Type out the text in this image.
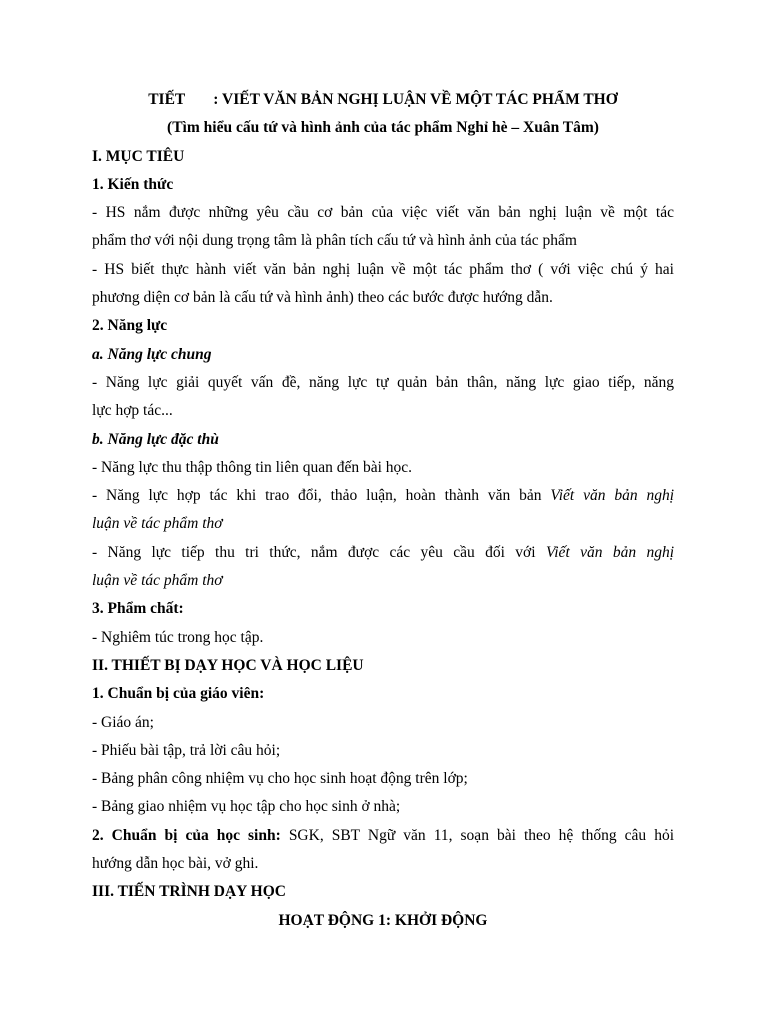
TIẾT : VIẾT VĂN BẢN NGHỊ LUẬN VỀ MỘT TÁC PHẨM THƠ
(Tìm hiểu cấu tứ và hình ảnh của tác phẩm Nghỉ hè – Xuân Tâm)
I. MỤC TIÊU
1. Kiến thức
- HS nắm được những yêu cầu cơ bản của việc viết văn bản nghị luận về một tác
phẩm thơ với nội dung trọng tâm là phân tích cấu tứ và hình ảnh của tác phẩm
- HS biết thực hành viết văn bản nghị luận về một tác phẩm thơ ( với việc chú ý hai
phương diện cơ bản là cấu tứ và hình ảnh) theo các bước được hướng dẫn.
2. Năng lực
a. Năng lực chung
- Năng lực giải quyết vấn đề, năng lực tự quản bản thân, năng lực giao tiếp, năng
lực hợp tác...
b. Năng lực đặc thù
- Năng lực thu thập thông tin liên quan đến bài học.
- Năng lực hợp tác khi trao đổi, thảo luận, hoàn thành văn bản Viết văn bản nghị
luận về tác phẩm thơ
- Năng lực tiếp thu tri thức, nắm được các yêu cầu đối với Viết văn bản nghị
luận về tác phẩm thơ
3. Phẩm chất:
- Nghiêm túc trong học tập.
II. THIẾT BỊ DẠY HỌC VÀ HỌC LIỆU
1. Chuẩn bị của giáo viên:
- Giáo án;
- Phiếu bài tập, trả lời câu hỏi;
- Bảng phân công nhiệm vụ cho học sinh hoạt động trên lớp;
- Bảng giao nhiệm vụ học tập cho học sinh ở nhà;
2. Chuẩn bị của học sinh: SGK, SBT Ngữ văn 11, soạn bài theo hệ thống câu hỏi
hướng dẫn học bài, vở ghi.
III. TIẾN TRÌNH DẠY HỌC
HOẠT ĐỘNG 1: KHỞI ĐỘNG
